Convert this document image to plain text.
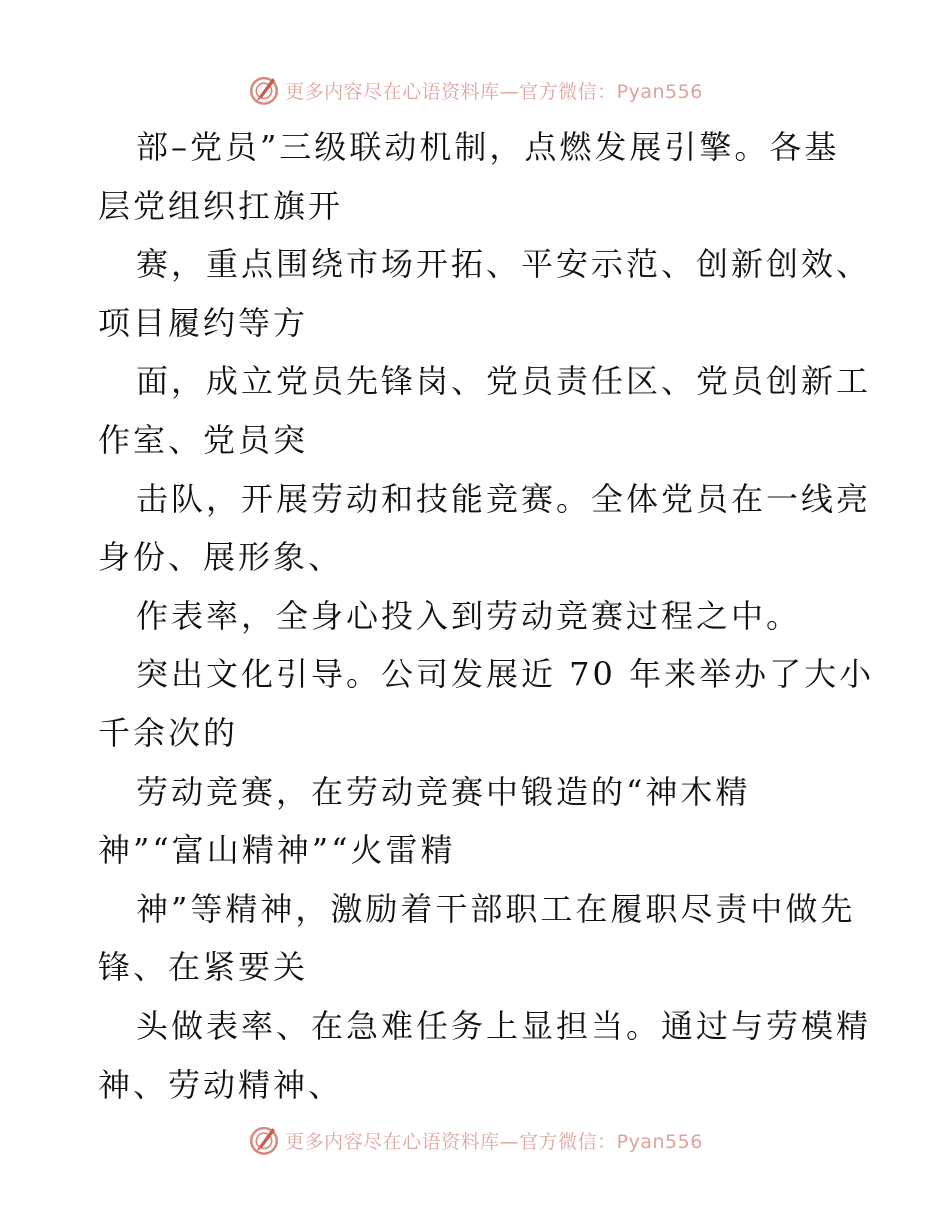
更多内容尽在心语资料库—官方微信：Pyan556
部–党员”三级联动机制，点燃发展引擎。各基
层党组织扛旗开
赛，重点围绕市场开拓、平安示范、创新创效、
项目履约等方
面，成立党员先锋岗、党员责任区、党员创新工
作室、党员突
击队，开展劳动和技能竞赛。全体党员在一线亮
身份、展形象、
作表率，全身心投入到劳动竞赛过程之中。
突出文化引导。公司发展近 70 年来举办了大小
千余次的
劳动竞赛，在劳动竞赛中锻造的“神木精
神”“富山精神”“火雷精
神”等精神，激励着干部职工在履职尽责中做先
锋、在紧要关
头做表率、在急难任务上显担当。通过与劳模精
神、劳动精神、
更多内容尽在心语资料库—官方微信：Pyan556
